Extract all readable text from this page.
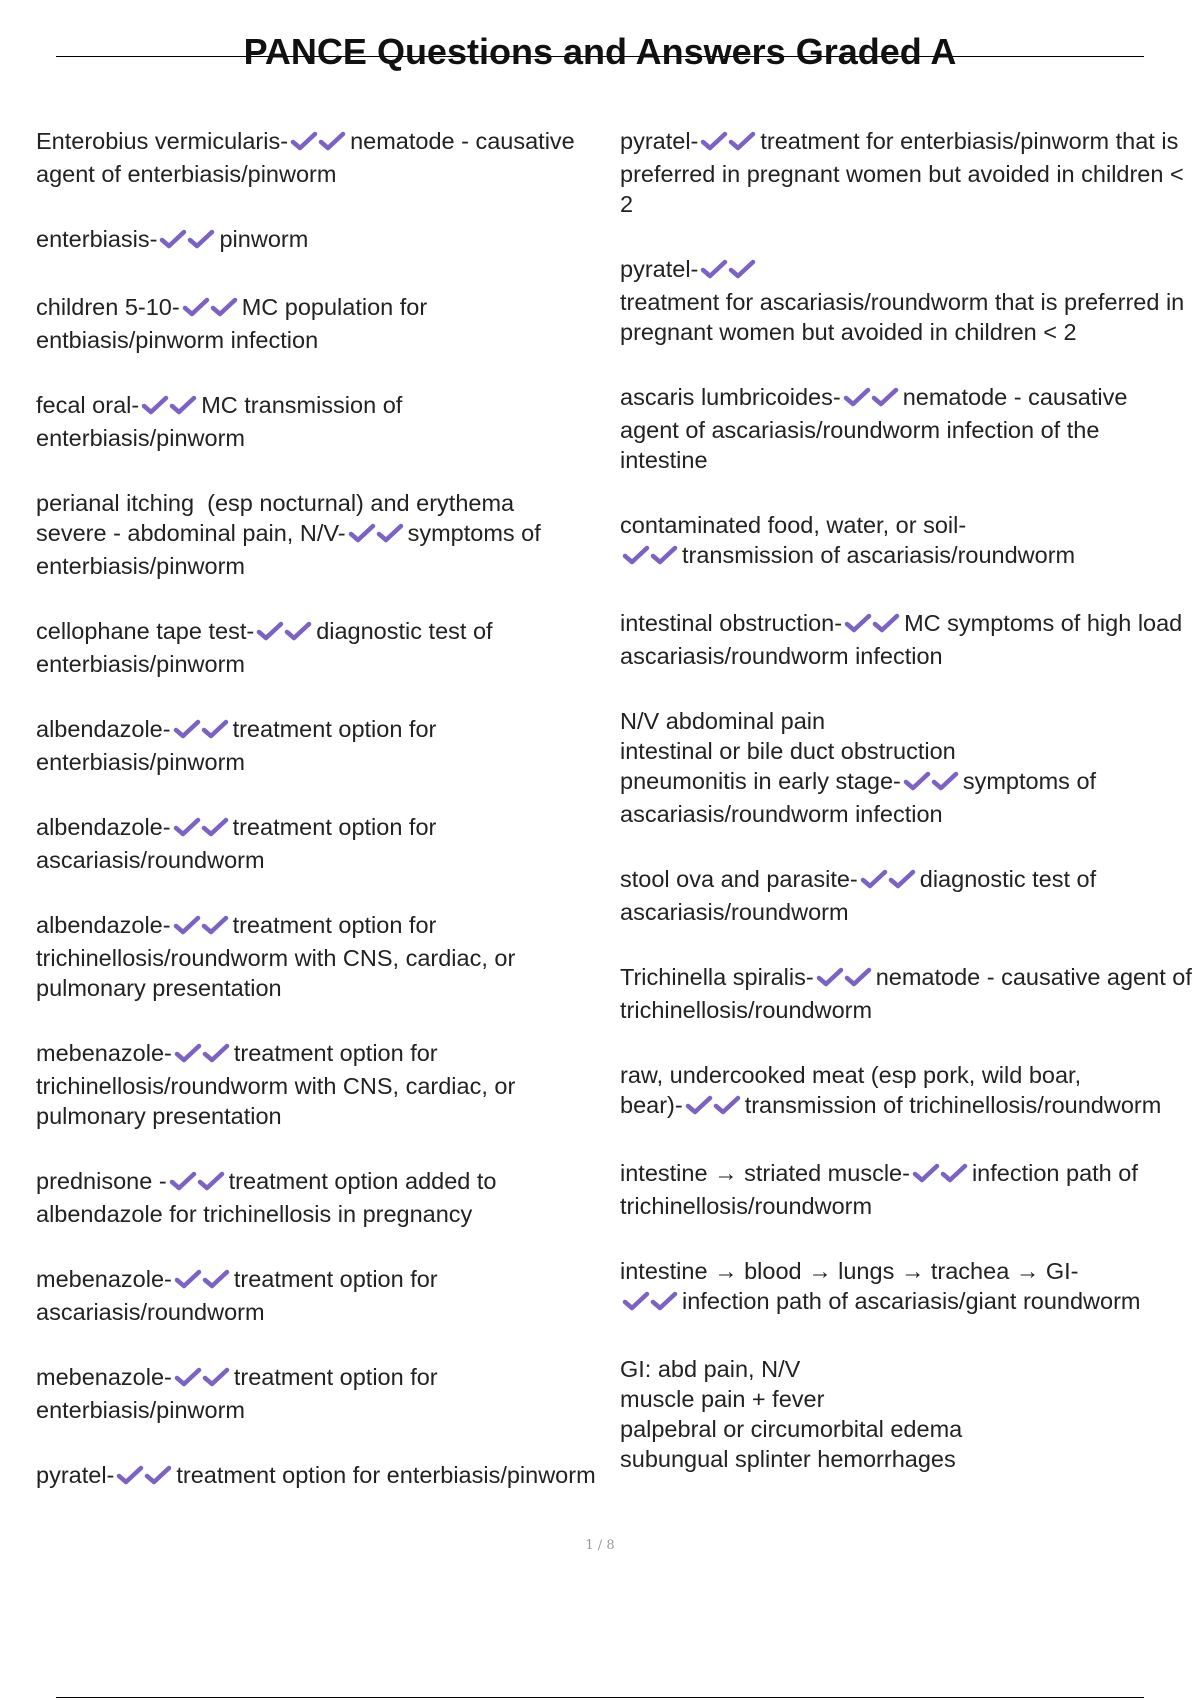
PANCE Questions and Answers Graded A

Enterobius vermicularis-	nematode - causative agent of enterbiasis/pinworm

enterbiasis-	pinworm

children 5-10-	MC population for entbiasis/pinworm infection

fecal oral-	MC transmission of enterbiasis/pinworm

perianal itching  (esp nocturnal) and erythema
severe - abdominal pain, N/V-	symptoms of enterbiasis/pinworm

cellophane tape test-	diagnostic test of enterbiasis/pinworm

albendazole-	treatment option for enterbiasis/pinworm

albendazole-	treatment option for ascariasis/roundworm

albendazole-	treatment option for trichinellosis/roundworm with CNS, cardiac, or pulmonary presentation

mebenazole-	treatment option for trichinellosis/roundworm with CNS, cardiac, or pulmonary presentation

prednisone -	treatment option added to albendazole for trichinellosis in pregnancy

mebenazole-	treatment option for ascariasis/roundworm

mebenazole-	treatment option for enterbiasis/pinworm

pyratel-	treatment option for enterbiasis/pinworm

pyratel-	treatment for enterbiasis/pinworm that is preferred in pregnant women but avoided in children < 2

pyratel-

treatment for ascariasis/roundworm that is preferred in pregnant women but avoided in children < 2

ascaris lumbricoides-	nematode - causative agent of ascariasis/roundworm infection of the intestine

contaminated food, water, or soil-

transmission of ascariasis/roundworm

intestinal obstruction-	MC symptoms of high load ascariasis/roundworm infection

N/V abdominal pain
intestinal or bile duct obstruction
pneumonitis in early stage-	symptoms of ascariasis/roundworm infection

stool ova and parasite-	diagnostic test of ascariasis/roundworm

Trichinella spiralis-	nematode - causative agent of trichinellosis/roundworm

raw, undercooked meat (esp pork, wild boar,
bear)-	transmission of trichinellosis/roundworm

intestine → striated muscle-	infection path of trichinellosis/roundworm

intestine → blood → lungs → trachea → GI-

infection path of ascariasis/giant roundworm

GI: abd pain, N/V
muscle pain + fever
palpebral or circumorbital edema
subungual splinter hemorrhages

1 / 8
